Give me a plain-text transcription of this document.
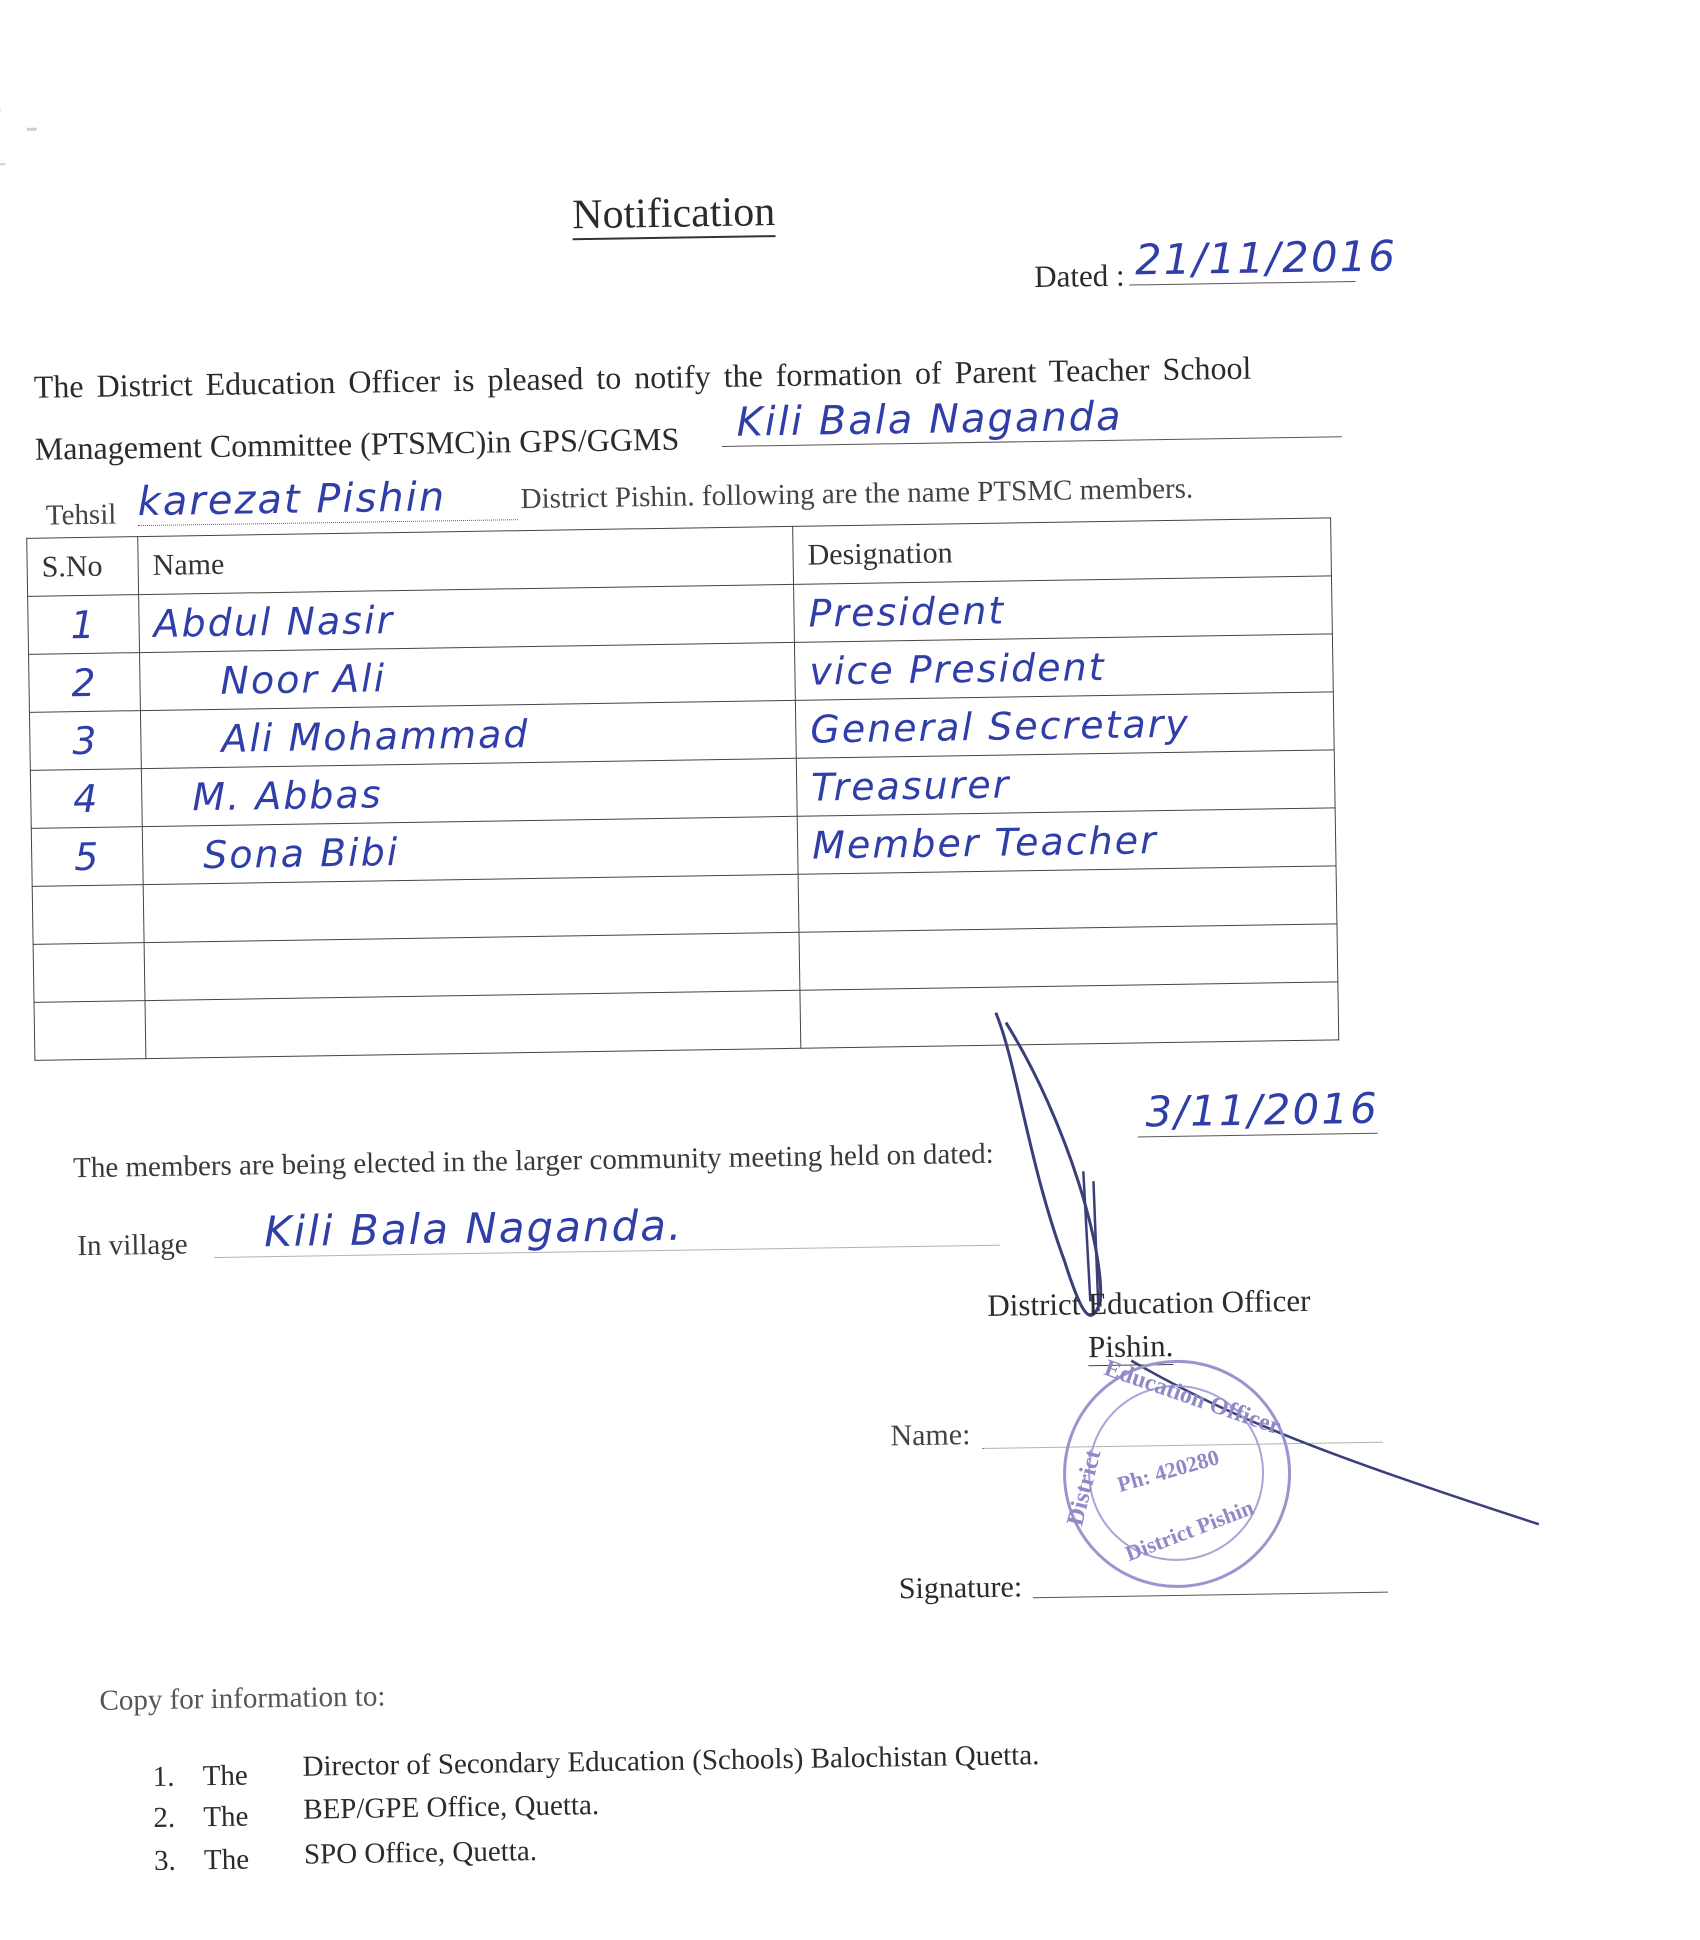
Notification
Dated : 21/11/2016
The District Education Officer is pleased to notify the formation of Parent Teacher School
Management Committee (PTSMC)in GPS/GGMS	Kili Bala Naganda
Tehsil karezat Pishin	District Pishin. following are the name PTSMC members.
S.No	Name	Designation
1	Abdul Nasir	President
2	Noor Ali	vice President
3	Ali Mohammad	General Secretary
4	M. Abbas	Treasurer
5	Sona Bibi	Member Teacher

The members are being elected in the larger community meeting held on dated:
3/11/2016
In village	Kili Bala Naganda.
District Education Officer
Pishin.
Name:
Signature:
Education Officer
District
District Pishin
Ph: 420280
Copy for information to:
1. The Director of Secondary Education (Schools) Balochistan Quetta.
2. The BEP/GPE Office, Quetta.
3. The SPO Office, Quetta.
